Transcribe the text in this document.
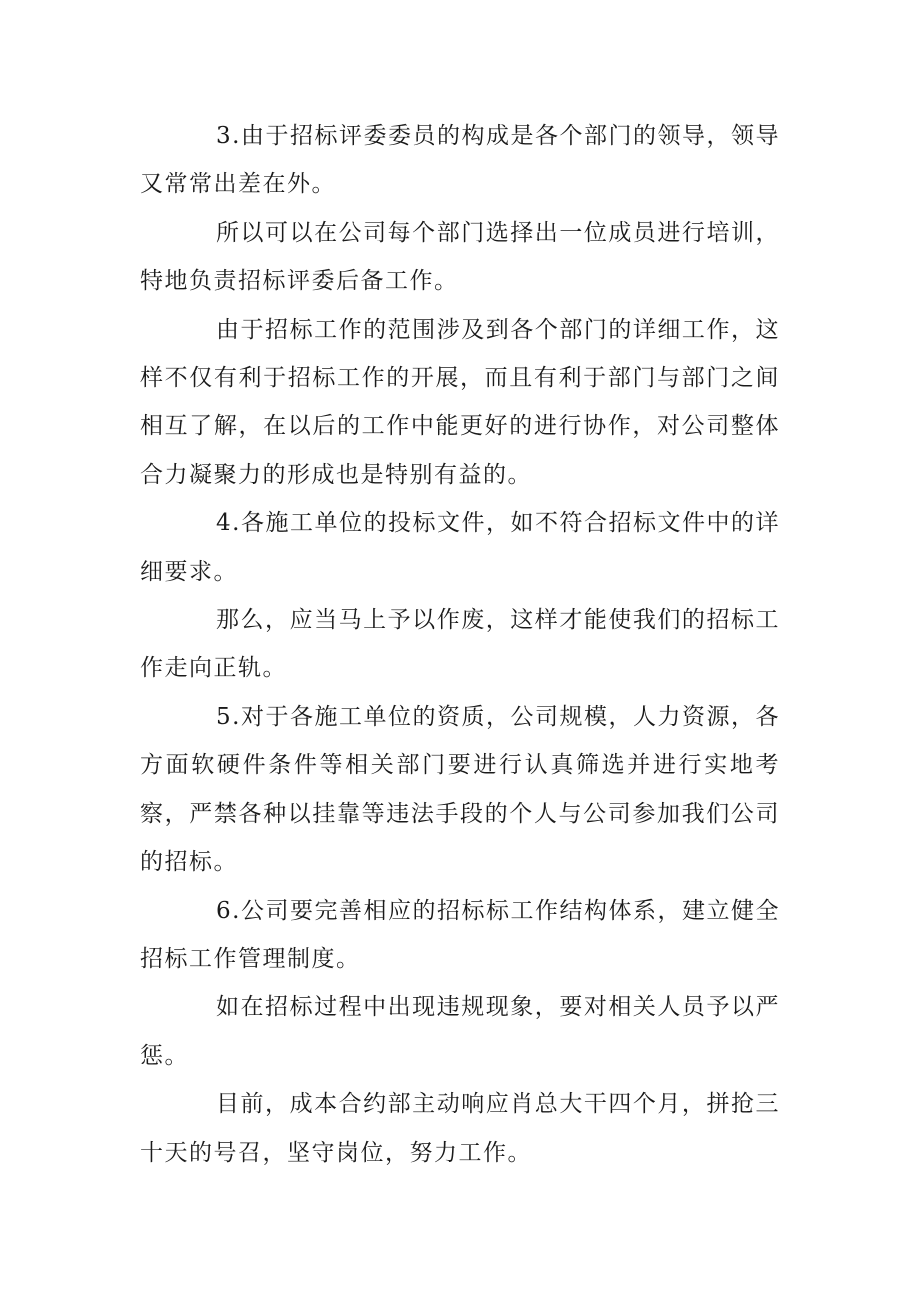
3.由于招标评委委员的构成是各个部门的领导，领导又常常出差在外。

所以可以在公司每个部门选择出一位成员进行培训，特地负责招标评委后备工作。

由于招标工作的范围涉及到各个部门的详细工作，这样不仅有利于招标工作的开展，而且有利于部门与部门之间相互了解，在以后的工作中能更好的进行协作，对公司整体合力凝聚力的形成也是特别有益的。

4.各施工单位的投标文件，如不符合招标文件中的详细要求。

那么，应当马上予以作废，这样才能使我们的招标工作走向正轨。

5.对于各施工单位的资质，公司规模，人力资源，各方面软硬件条件等相关部门要进行认真筛选并进行实地考察，严禁各种以挂靠等违法手段的个人与公司参加我们公司的招标。

6.公司要完善相应的招标标工作结构体系，建立健全招标工作管理制度。

如在招标过程中出现违规现象，要对相关人员予以严惩。

目前，成本合约部主动响应肖总大干四个月，拼抢三十天的号召，坚守岗位，努力工作。
